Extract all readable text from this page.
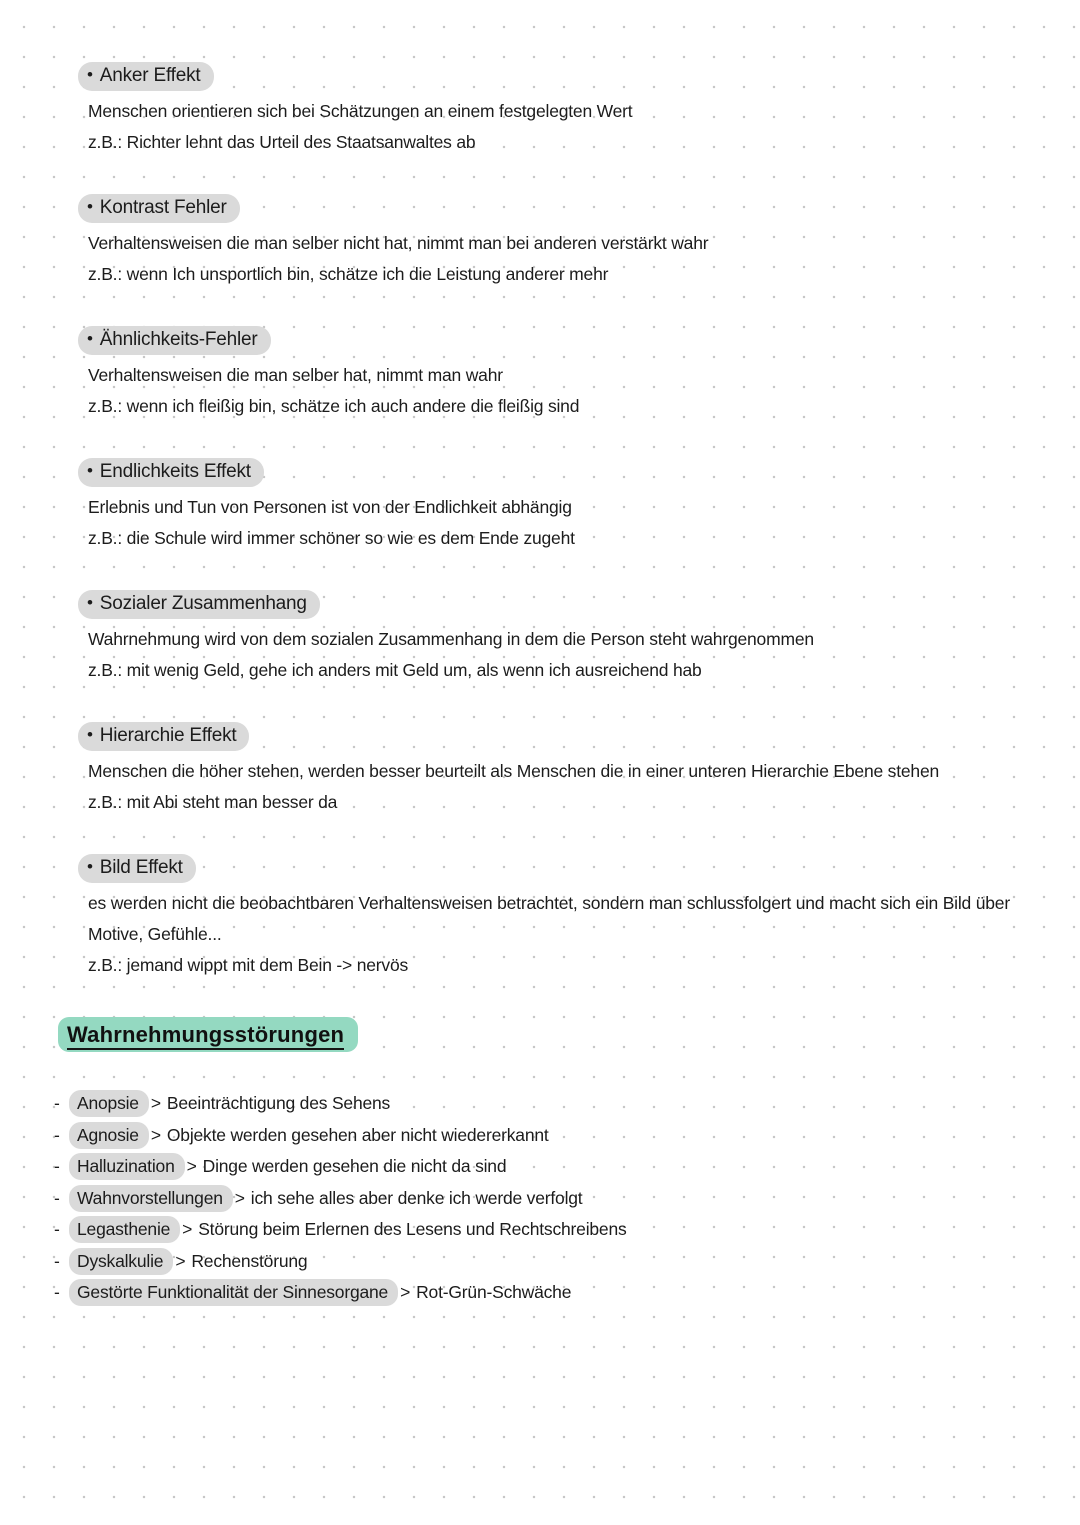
• Anker Effekt
Menschen orientieren sich bei Schätzungen an einem festgelegten Wert
z.B.: Richter lehnt das Urteil des Staatsanwaltes ab
• Kontrast Fehler
Verhaltensweisen die man selber nicht hat, nimmt man bei anderen verstärkt wahr
z.B.: wenn Ich unsportlich bin, schätze ich die Leistung anderer mehr
• Ähnlichkeits-Fehler
Verhaltensweisen die man selber hat, nimmt man wahr
z.B.: wenn ich fleißig bin, schätze ich auch andere die fleißig sind
• Endlichkeits Effekt
Erlebnis und Tun von Personen ist von der Endlichkeit abhängig
z.B.: die Schule wird immer schöner so wie es dem Ende zugeht
• Sozialer Zusammenhang
Wahrnehmung wird von dem sozialen Zusammenhang in dem die Person steht wahrgenommen
z.B.: mit wenig Geld, gehe ich anders mit Geld um, als wenn ich ausreichend hab
• Hierarchie Effekt
Menschen die höher stehen, werden besser beurteilt als Menschen die in einer unteren Hierarchie Ebene stehen
z.B.: mit Abi steht man besser da
• Bild Effekt
es werden nicht die beobachtbaren Verhaltensweisen betrachtet, sondern man schlussfolgert und macht sich ein Bild über
Motive, Gefühle...
z.B.: jemand wippt mit dem Bein -> nervös
Wahrnehmungsstörungen
- Anopsie > Beeinträchtigung des Sehens
- Agnosie > Objekte werden gesehen aber nicht wiedererkannt
- Halluzination > Dinge werden gesehen die nicht da sind
- Wahnvorstellungen > ich sehe alles aber denke ich werde verfolgt
- Legasthenie > Störung beim Erlernen des Lesens und Rechtschreibens
- Dyskalkulie > Rechenstörung
- Gestörte Funktionalität der Sinnesorgane > Rot-Grün-Schwäche
